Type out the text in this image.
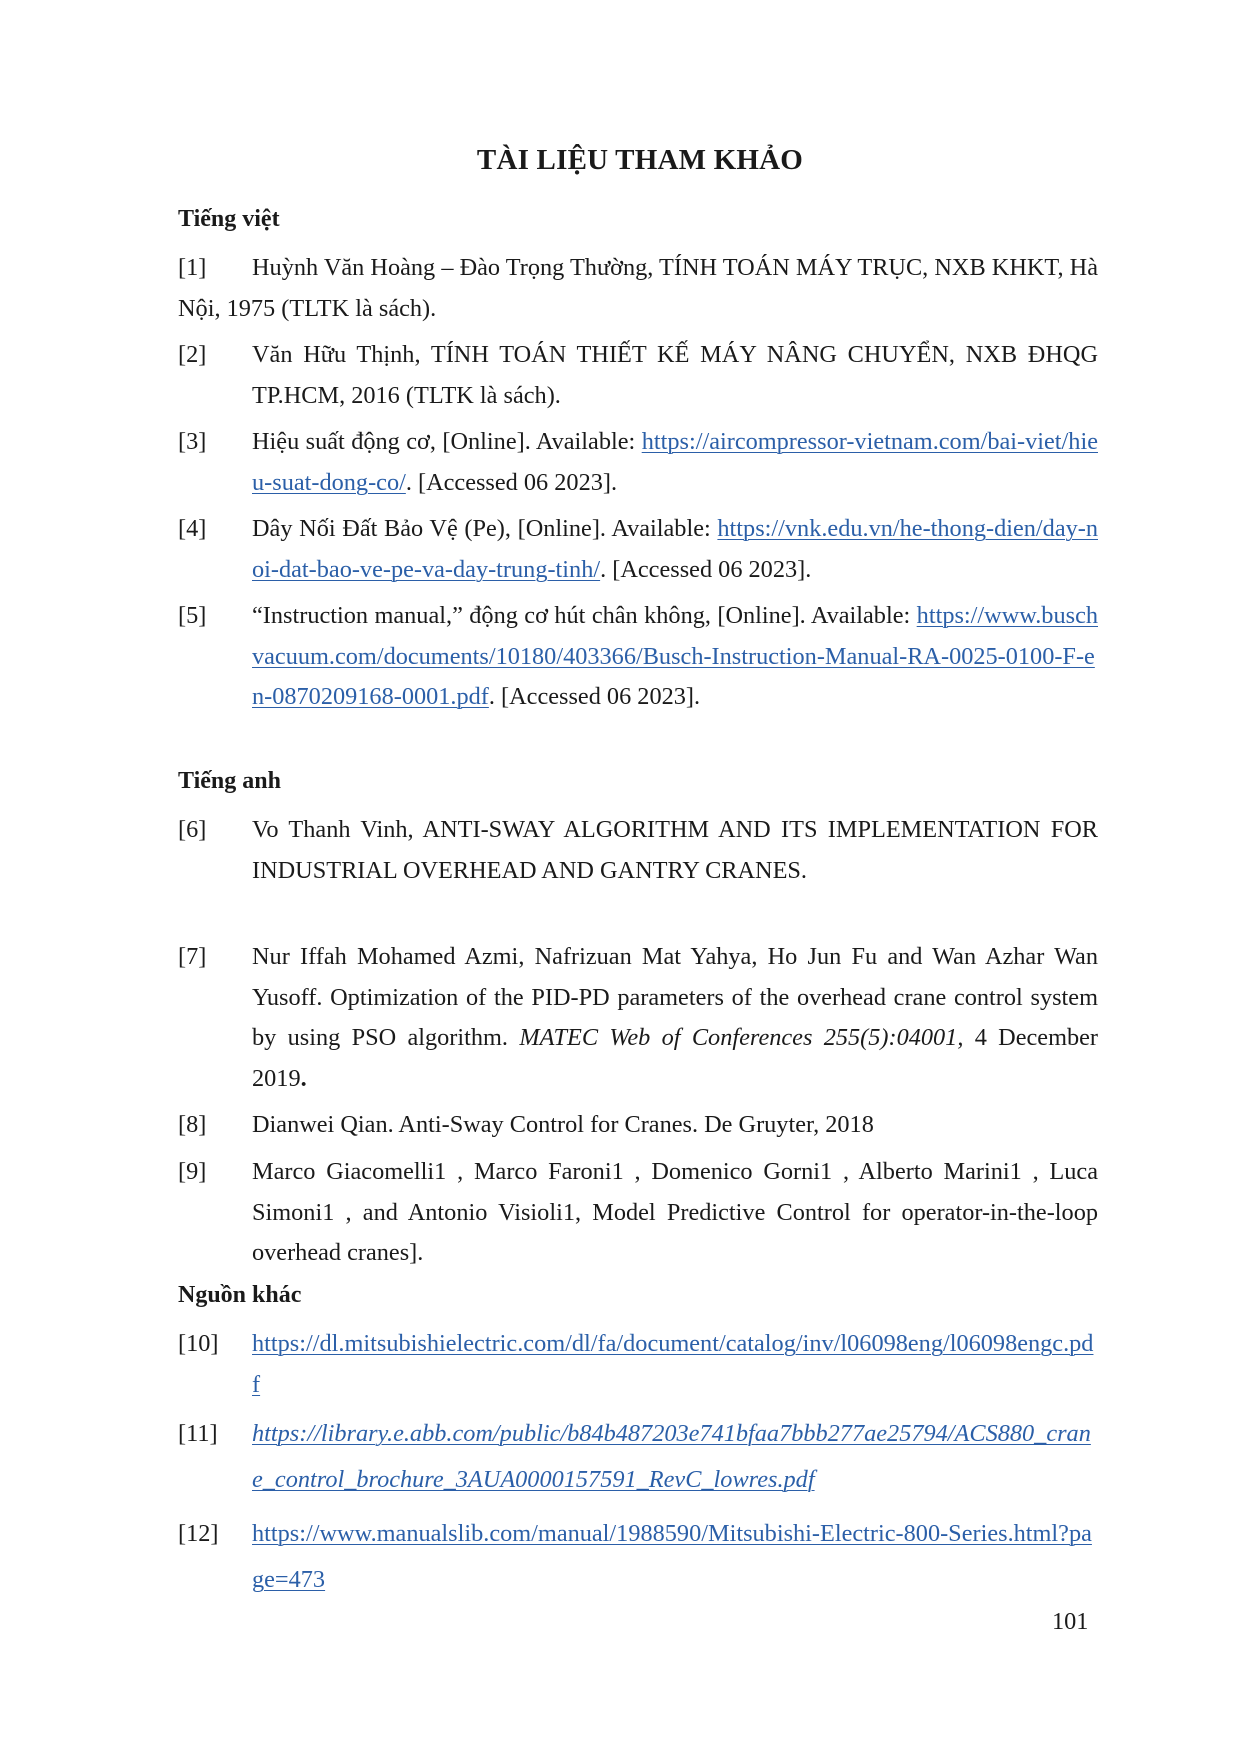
TÀI LIỆU THAM KHẢO
Tiếng việt
[1]	Huỳnh Văn Hoàng – Đào Trọng Thường, TÍNH TOÁN MÁY TRỤC, NXB KHKT, Hà Nội, 1975 (TLTK là sách).
[2] Văn Hữu Thịnh, TÍNH TOÁN THIẾT KẾ MÁY NÂNG CHUYỂN, NXB ĐHQG TP.HCM, 2016 (TLTK là sách).
[3] Hiệu suất động cơ, [Online]. Available: https://aircompressor-vietnam.com/bai-viet/hieu-suat-dong-co/. [Accessed 06 2023].
[4] Dây Nối Đất Bảo Vệ (Pe), [Online]. Available: https://vnk.edu.vn/he-thong-dien/day-noi-dat-bao-ve-pe-va-day-trung-tinh/. [Accessed 06 2023].
[5] “Instruction manual,” động cơ hút chân không, [Online]. Available: https://www.buschvacuum.com/documents/10180/403366/Busch-Instruction-Manual-RA-0025-0100-F-en-0870209168-0001.pdf. [Accessed 06 2023].
Tiếng anh
[6] Vo Thanh Vinh, ANTI-SWAY ALGORITHM AND ITS IMPLEMENTATION FOR INDUSTRIAL OVERHEAD AND GANTRY CRANES.
[7] Nur Iffah Mohamed Azmi, Nafrizuan Mat Yahya, Ho Jun Fu and Wan Azhar Wan Yusoff. Optimization of the PID-PD parameters of the overhead crane control system by using PSO algorithm. MATEC Web of Conferences 255(5):04001, 4 December 2019.
[8] Dianwei Qian. Anti-Sway Control for Cranes. De Gruyter, 2018
[9] Marco Giacomelli1 , Marco Faroni1 , Domenico Gorni1 , Alberto Marini1 , Luca Simoni1 , and Antonio Visioli1, Model Predictive Control for operator-in-the-loop overhead cranes].
Nguồn khác
[10] https://dl.mitsubishielectric.com/dl/fa/document/catalog/inv/l06098eng/l06098engc.pdf
[11] https://library.e.abb.com/public/b84b487203e741bfaa7bbb277ae25794/ACS880_crane_control_brochure_3AUA0000157591_RevC_lowres.pdf
[12] https://www.manualslib.com/manual/1988590/Mitsubishi-Electric-800-Series.html?page=473
101
